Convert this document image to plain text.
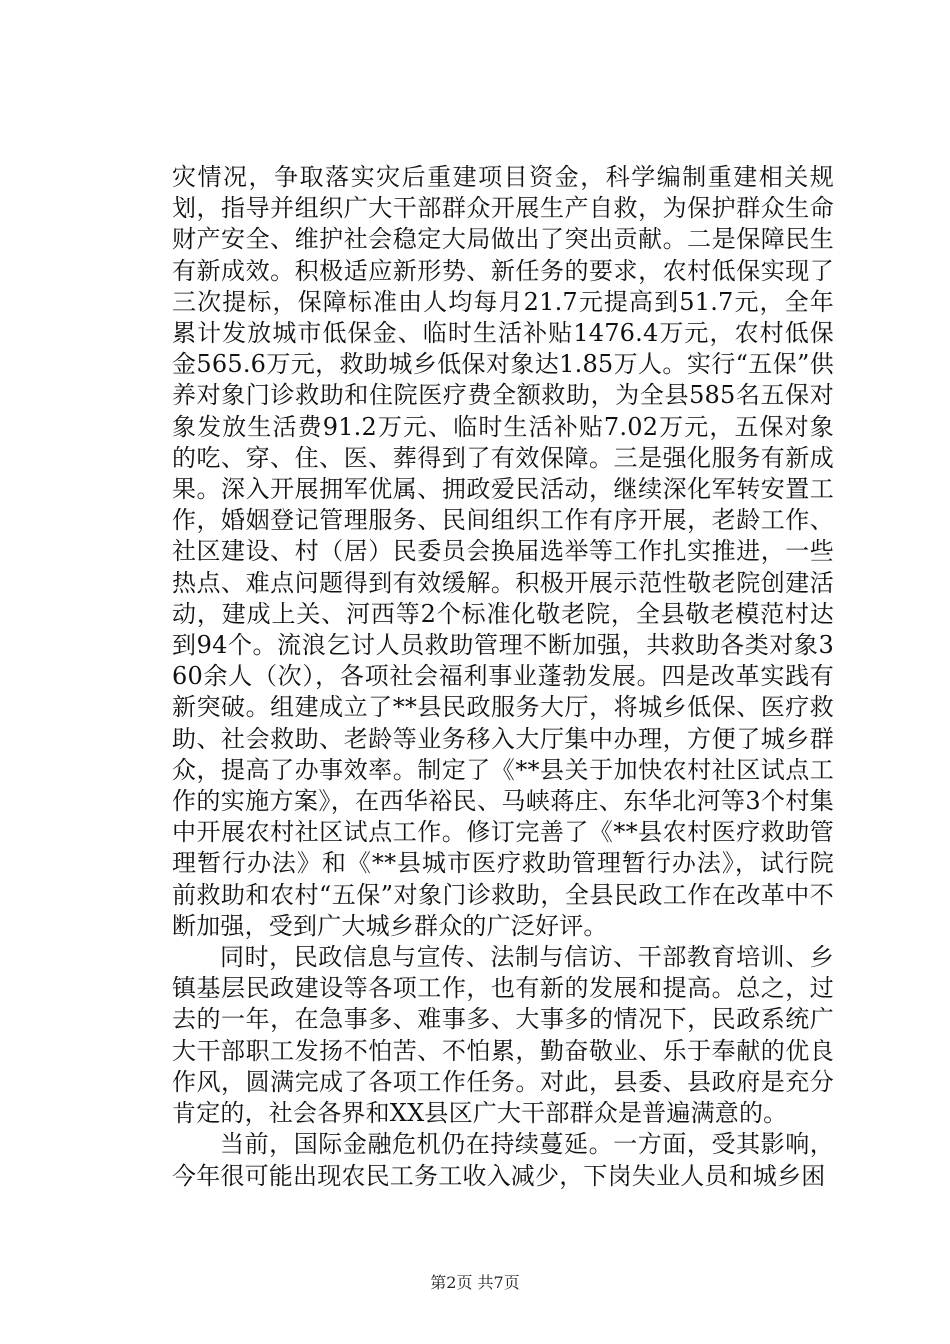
灾情况，争取落实灾后重建项目资金，科学编制重建相关规划，指导并组织广大干部群众开展生产自救，为保护群众生命财产安全、维护社会稳定大局做出了突出贡献。二是保障民生有新成效。积极适应新形势、新任务的要求，农村低保实现了三次提标，保障标准由人均每月21.7元提高到51.7元，全年累计发放城市低保金、临时生活补贴1476.4万元，农村低保金565.6万元，救助城乡低保对象达1.85万人。实行“五保”供养对象门诊救助和住院医疗费全额救助，为全县585名五保对象发放生活费91.2万元、临时生活补贴7.02万元，五保对象的吃、穿、住、医、葬得到了有效保障。三是强化服务有新成果。深入开展拥军优属、拥政爱民活动，继续深化军转安置工作，婚姻登记管理服务、民间组织工作有序开展，老龄工作、社区建设、村（居）民委员会换届选举等工作扎实推进，一些热点、难点问题得到有效缓解。积极开展示范性敬老院创建活动，建成上关、河西等2个标准化敬老院，全县敬老模范村达到94个。流浪乞讨人员救助管理不断加强，共救助各类对象360余人（次），各项社会福利事业蓬勃发展。四是改革实践有新突破。组建成立了**县民政服务大厅，将城乡低保、医疗救助、社会救助、老龄等业务移入大厅集中办理，方便了城乡群众，提高了办事效率。制定了《**县关于加快农村社区试点工作的实施方案》，在西华裕民、马峡蒋庄、东华北河等3个村集中开展农村社区试点工作。修订完善了《**县农村医疗救助管理暂行办法》和《**县城市医疗救助管理暂行办法》，试行院前救助和农村“五保”对象门诊救助，全县民政工作在改革中不断加强，受到广大城乡群众的广泛好评。

同时，民政信息与宣传、法制与信访、干部教育培训、乡镇基层民政建设等各项工作，也有新的发展和提高。总之，过去的一年，在急事多、难事多、大事多的情况下，民政系统广大干部职工发扬不怕苦、不怕累，勤奋敬业、乐于奉献的优良作风，圆满完成了各项工作任务。对此，县委、县政府是充分肯定的，社会各界和XX县区广大干部群众是普遍满意的。

当前，国际金融危机仍在持续蔓延。一方面，受其影响，今年很可能出现农民工务工收入减少，下岗失业人员和城乡困

第2页 共7页
